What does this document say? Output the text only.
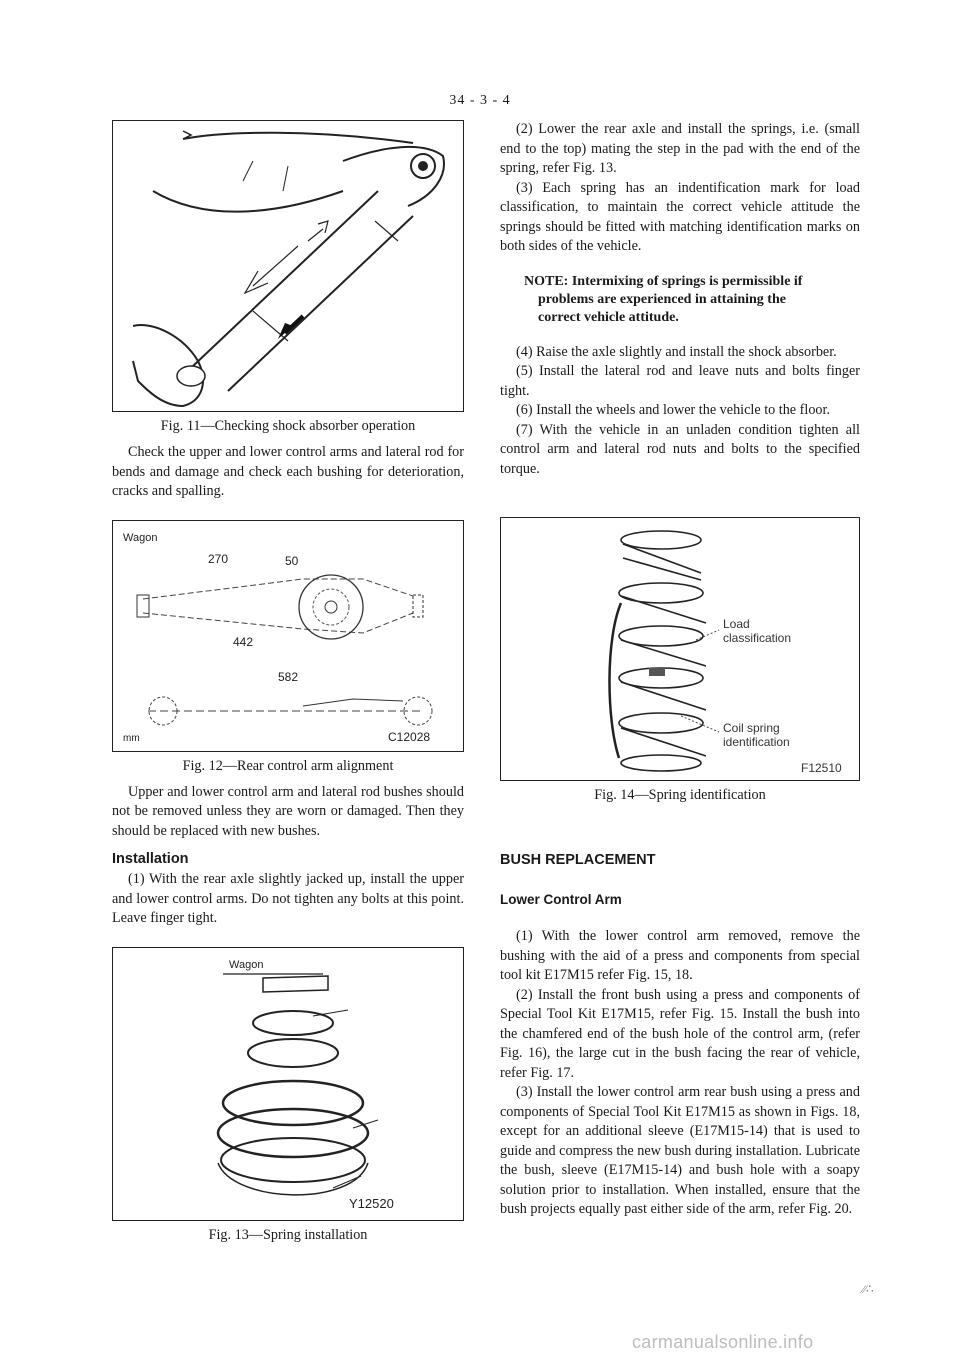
34 - 3 - 4
Fig. 11—Checking shock absorber operation

Check the upper and lower control arms and lateral rod for bends and damage and check each bushing for deterioration, cracks and spalling.

Wagon
270	50
442
582
mm	C12028
Fig. 12—Rear control arm alignment

Upper and lower control arm and lateral rod bushes should not be removed unless they are worn or damaged. Then they should be replaced with new bushes.

Installation

(1) With the rear axle slightly jacked up, install the upper and lower control arms. Do not tighten any bolts at this point. Leave finger tight.

Wagon
Y12520
Fig. 13—Spring installation

(2) Lower the rear axle and install the springs, i.e. (small end to the top) mating the step in the pad with the end of the spring, refer Fig. 13.

(3) Each spring has an indentification mark for load classification, to maintain the correct vehicle attitude the springs should be fitted with matching identification marks on both sides of the vehicle.

NOTE: Intermixing of springs is permissible if
problems are experienced in attaining the
correct vehicle attitude.

(4) Raise the axle slightly and install the shock absorber.

(5) Install the lateral rod and leave nuts and bolts finger tight.

(6) Install the wheels and lower the vehicle to the floor.

(7) With the vehicle in an unladen condition tighten all control arm and lateral rod nuts and bolts to the specified torque.

Load
classification
Coil spring
identification
F12510
Fig. 14—Spring identification
BUSH REPLACEMENT
Lower Control Arm

(1) With the lower control arm removed, remove the bushing with the aid of a press and components from special tool kit E17M15 refer Fig. 15, 18.

(2) Install the front bush using a press and components of Special Tool Kit E17M15, refer Fig. 15. Install the bush into the chamfered end of the bush hole of the control arm, (refer Fig. 16), the large cut in the bush facing the rear of vehicle, refer Fig. 17.

(3) Install the lower control arm rear bush using a press and components of Special Tool Kit E17M15 as shown in Figs. 18, except for an additional sleeve (E17M15-14) that is used to guide and compress the new bush during installation. Lubricate the bush, sleeve (E17M15-14) and bush hole with a soapy solution prior to installation. When installed, ensure that the bush projects equally past either side of the arm, refer Fig. 20.

⁄⁄∴
carmanualsonline.info
